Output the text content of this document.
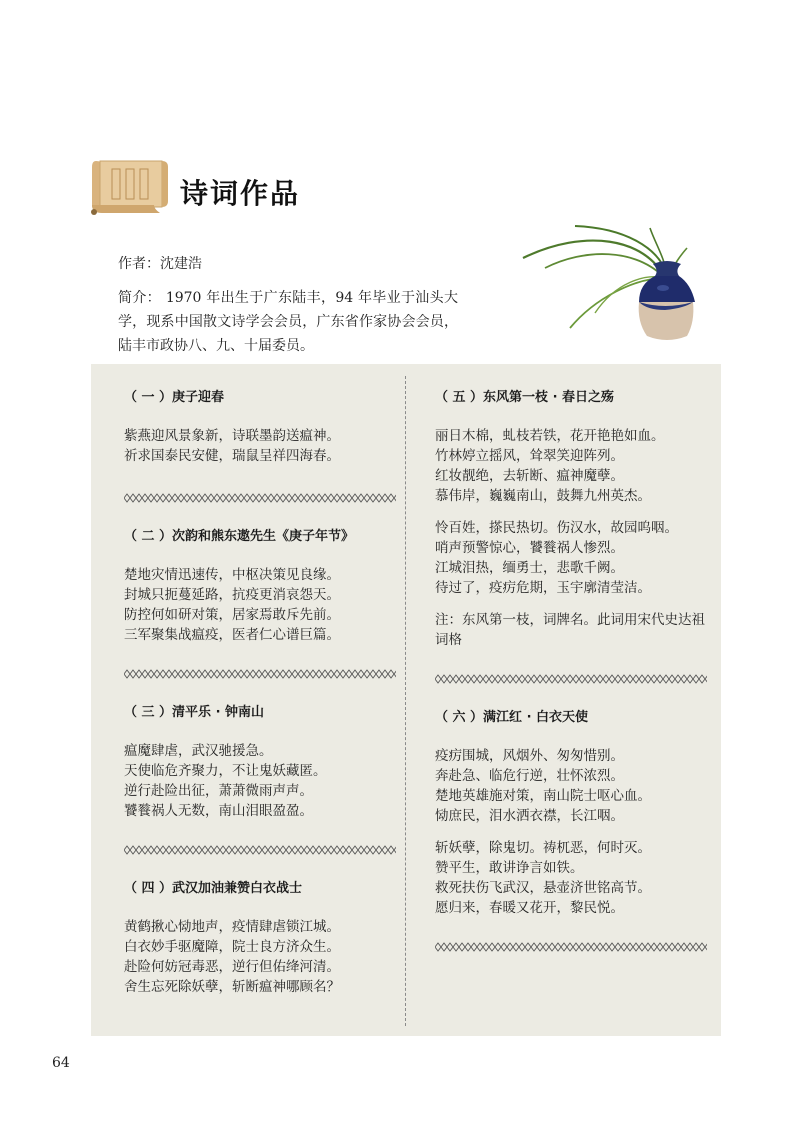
诗词作品
作者：沈建浩
简介： 1970 年出生于广东陆丰，94 年毕业于汕头大学，现系中国散文诗学会会员，广东省作家协会会员，陆丰市政协八、九、十届委员。
（ 一 ）庚子迎春
紫燕迎风景象新，诗联墨韵送瘟神。
祈求国泰民安健，瑞鼠呈祥四海春。
（ 二 ）次韵和熊东遨先生《庚子年节》
楚地灾情迅速传，中枢决策见良缘。
封城只扼蔓延路，抗疫更消哀怨天。
防控何如研对策，居家焉敢斥先前。
三军聚集战瘟疫，医者仁心谱巨篇。
（ 三 ）清平乐 · 钟南山
瘟魔肆虐，武汉驰援急。
天使临危齐聚力，不让鬼妖藏匿。
逆行赴险出征，萧萧微雨声声。
饕餮祸人无数，南山泪眼盈盈。
（ 四 ）武汉加油兼赞白衣战士
黄鹤揪心恸地声，疫情肆虐锁江城。
白衣妙手驱魔障，院士良方济众生。
赴险何妨冠毒恶，逆行但佑绛河清。
舍生忘死除妖孽，斩断瘟神哪顾名？
（ 五 ）东风第一枝 · 春日之殇
丽日木棉，虬枝若铁，花开艳艳如血。
竹林婷立摇风，耸翠笑迎阵列。
红妆靓绝，去斩断、瘟神魔孽。
慕伟岸，巍巍南山，鼓舞九州英杰。
怜百姓，搽民热切。伤汉水，故园呜咽。
哨声预警惊心，饕餮祸人惨烈。
江城泪热，缅勇士，悲歌千阙。
待过了，疫疠危期，玉宇廓清莹洁。
注：东风第一枝，词牌名。此词用宋代史达祖词格
（ 六 ）满江红 · 白衣天使
疫疠围城，风烟外、匆匆惜别。
奔赴急、临危行逆，壮怀浓烈。
楚地英雄施对策，南山院士呕心血。
恸庶民，泪水洒衣襟，长江咽。
斩妖孽，除鬼切。祷杌恶，何时灭。
赞平生，敢讲诤言如铁。
救死扶伤飞武汉，悬壶济世铭高节。
愿归来，春暖又花开，黎民悦。
64
